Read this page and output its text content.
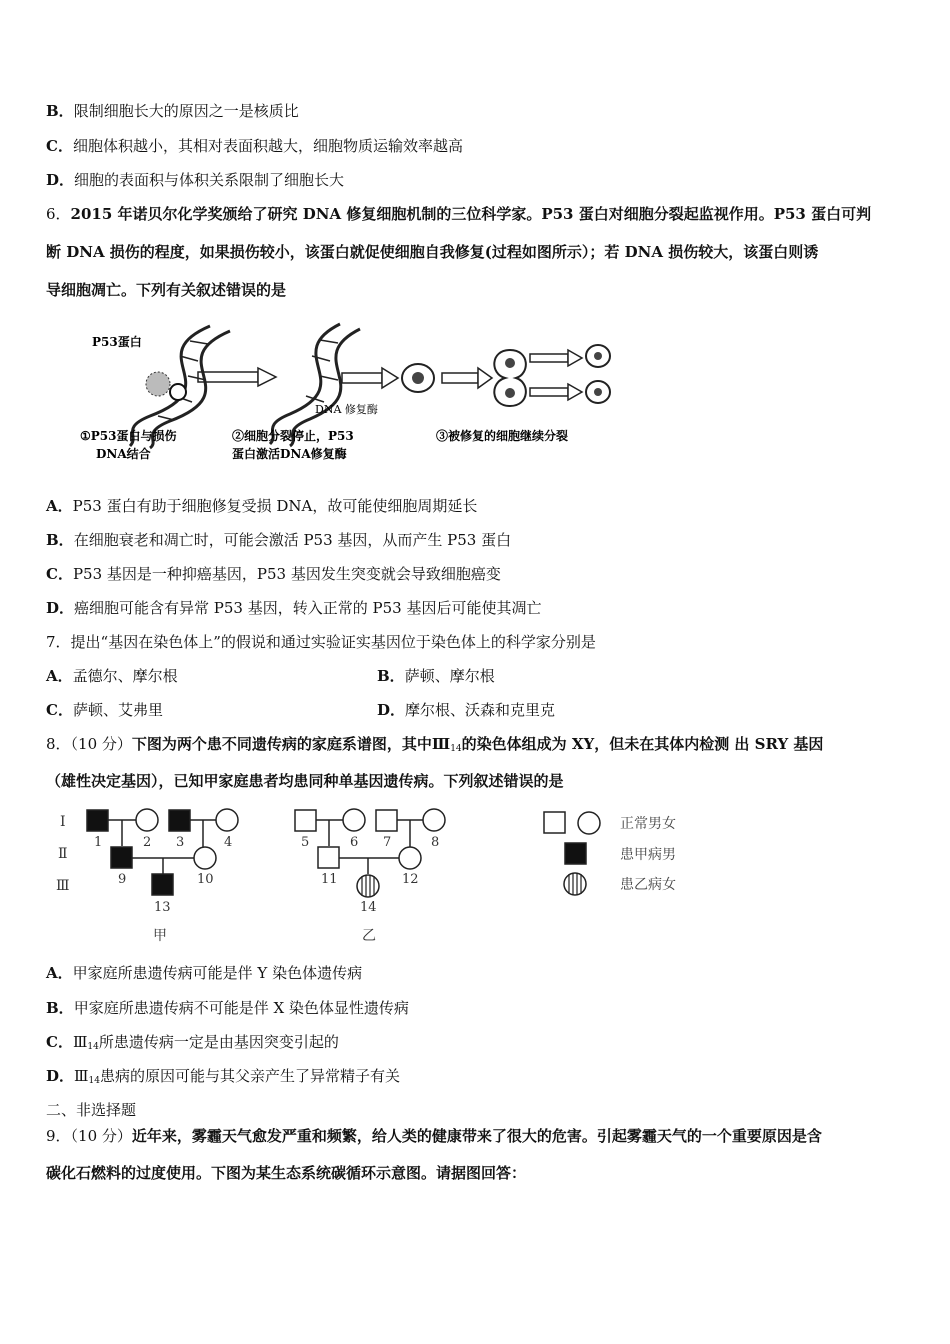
B．限制细胞长大的原因之一是核质比
C．细胞体积越小，其相对表面积越大，细胞物质运输效率越高
D．细胞的表面积与体积关系限制了细胞长大
6．2015 年诺贝尔化学奖颁给了研究 DNA 修复细胞机制的三位科学家。P53 蛋白对细胞分裂起监视作用。P53 蛋白可判
断 DNA 损伤的程度，如果损伤较小，该蛋白就促使细胞自我修复(过程如图所示）；若 DNA 损伤较大，该蛋白则诱
导细胞凋亡。下列有关叙述错误的是
P53蛋白
DNA 修复酶
①P53蛋白与损伤
DNA结合
②细胞分裂停止，P53
蛋白激活DNA修复酶
③被修复的细胞继续分裂
A．P53 蛋白有助于细胞修复受损 DNA，故可能使细胞周期延长
B．在细胞衰老和凋亡时，可能会激活 P53 基因，从而产生 P53 蛋白
C．P53 基因是一种抑癌基因，P53 基因发生突变就会导致细胞癌变
D．癌细胞可能含有异常 P53 基因，转入正常的 P53 基因后可能使其凋亡
7．提出“基因在染色体上”的假说和通过实验证实基因位于染色体上的科学家分别是
A．孟德尔、摩尔根	B．萨顿、摩尔根
C．萨顿、艾弗里	D．摩尔根、沃森和克里克
8．（10 分）下图为两个患不同遗传病的家庭系谱图，其中$Ⅲ_{14}$的染色体组成为 XY，但未在其体内检测 出 SRY 基因
（雄性决定基因），已知甲家庭患者均患同种单基因遗传病。下列叙述错误的是
Ⅰ
Ⅱ
Ⅲ
1	2 3	4
9	10
13
甲
5	6 7	8
11	12
14
乙
正常男女
患甲病男
患乙病女
A．甲家庭所患遗传病可能是伴 Y 染色体遗传病
B．甲家庭所患遗传病不可能是伴 X 染色体显性遗传病
C．$Ⅲ_{14}$所患遗传病一定是由基因突变引起的
D．$Ⅲ_{14}$患病的原因可能与其父亲产生了异常精子有关
二、非选择题
9．（10 分）近年来，雾霾天气愈发严重和频繁，给人类的健康带来了很大的危害。引起雾霾天气的一个重要原因是含
碳化石燃料的过度使用。下图为某生态系统碳循环示意图。请据图回答：
